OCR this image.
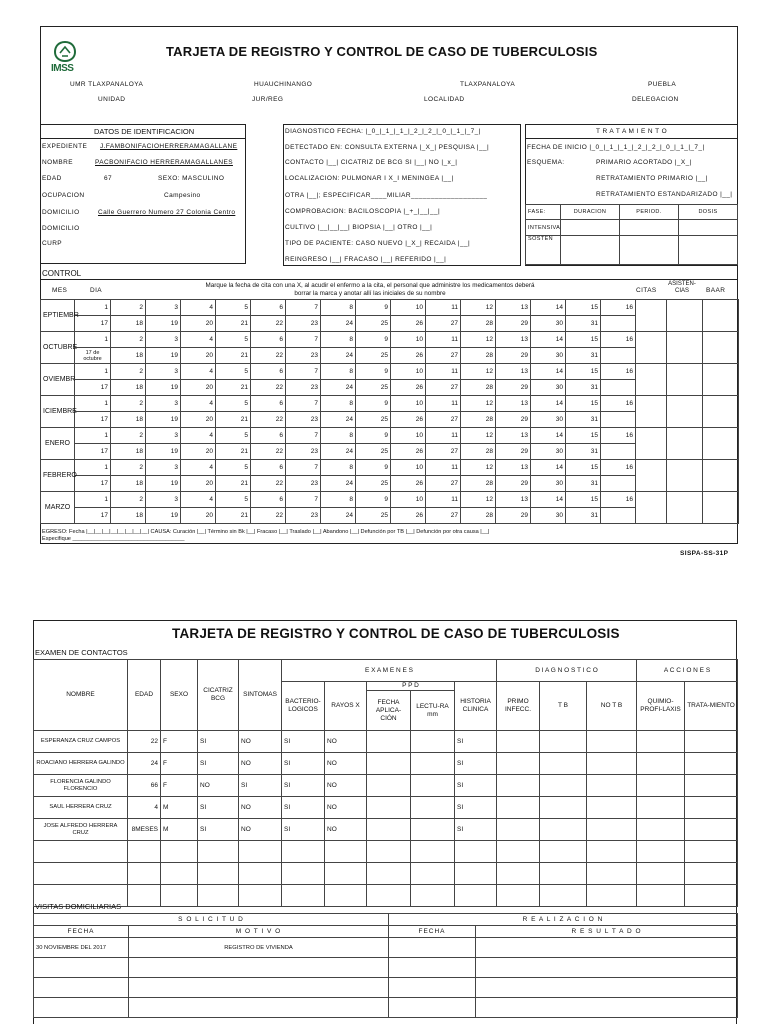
IMSS
TARJETA DE REGISTRO Y CONTROL DE CASO DE TUBERCULOSIS
UMR TLAXPANALOYA	HUAUCHINANGO	TLAXPANALOYA	PUEBLA
UNIDAD	JUR/REG	LOCALIDAD	DELEGACION
DATOS DE IDENTIFICACION
EXPEDIENTE J.FAMBONIFACIOHERRERAMAGALLANE
NOMBRE	PACBONIFACIO HERRERAMAGALLANES
EDAD	67	SEXO: MASCULINO
OCUPACION	Campesino
DOMICILIO	Calle Guerrero Numero 27 Colonia Centro
DOMICILIO
CURP
DIAGNOSTICO FECHA: |_0_|_1_|_1_|_2_|_2_|_0_|_1_|_7_|
DETECTADO EN: CONSULTA EXTERNA |_X_| PESQUISA |__|
CONTACTO |__| CICATRIZ DE BCG SI |__| NO |_x_|
LOCALIZACION: PULMONAR I X_I MENINGEA |__|
OTRA |__|; ESPECIFICAR____MILIAR___________________
COMPROBACION: BACILOSCOPIA |_+_|__|__|
CULTIVO |__|__|__| BIOPSIA |__| OTRO |__|
TIPO DE PACIENTE: CASO NUEVO |_X_| RECAIDA |__|
REINGRESO |__| FRACASO |__| REFERIDO |__|
T R A T A M I E N T O
FECHA DE INICIO |_0_|_1_|_1_|_2_|_2_|_0_|_1_|_7_|
ESQUEMA:	PRIMARIO ACORTADO |_X_|
RETRATAMIENTO PRIMARIO |__|
RETRATAMIENTO ESTANDARIZADO |__|
FASE:	DURACION	PERIOD.	DOSIS
INTENSIVA			
SOSTEN			
CONTROL
MES	DIA
Marque la fecha de cita con una X, al acudir el enfermo a la cita, el personal que administre los medicamentos deberá borrar la marca y anotar allí las iniciales de su nombre	CITAS
ASISTEN-
CIAS	BAAR
EPTIEMBR	1	2	3	4	5	6	7	8	9	10	11	12	13	14	15	16			
	17	18	19	20	21	22	23	24	25	26	27	28	29	30	31				
OCTUBRE	1	2	3	4	5	6	7	8	9	10	11	12	13	14	15	16			
	17 de octubre	18	19	20	21	22	23	24	25	26	27	28	29	30	31				
OVIEMBR	1	2	3	4	5	6	7	8	9	10	11	12	13	14	15	16			
	17	18	19	20	21	22	23	24	25	26	27	28	29	30	31				
ICIEMBRE	1	2	3	4	5	6	7	8	9	10	11	12	13	14	15	16			
	17	18	19	20	21	22	23	24	25	26	27	28	29	30	31				
ENERO	1	2	3	4	5	6	7	8	9	10	11	12	13	14	15	16			
	17	18	19	20	21	22	23	24	25	26	27	28	29	30	31				
FEBRERO	1	2	3	4	5	6	7	8	9	10	11	12	13	14	15	16			
	17	18	19	20	21	22	23	24	25	26	27	28	29	30	31				
MARZO	1	2	3	4	5	6	7	8	9	10	11	12	13	14	15	16			
	17	18	19	20	21	22	23	24	25	26	27	28	29	30	31				
EGRESO: Fecha |__|__|__|__|__|__|__|__| CAUSA: Curación |__| Término sin Bk |__| Fracaso |__| Traslado |__| Abandono |__| Defunción por TB |__| Defunción por otra causa |__|
Especifique ____________________________________
SISPA-SS-31P
TARJETA DE REGISTRO Y CONTROL DE CASO DE TUBERCULOSIS
EXAMEN DE CONTACTOS
NOMBRE	EDAD	SEXO	CICATRIZ BCG	SINTOMAS	E X A M E N E S					D I A G N O S T I C O			A C C I O N E S	
					BACTERIO-LOGICOS	RAYOS X	P P D		HISTORIA CLINICA	PRIMO INFECC.	T B	NO T B	QUIMIO-PROFI-LAXIS	TRATA-MIENTO
							FECHA APLICA-CIÓN	LECTU-RA mm						
ESPERANZA CRUZ CAMPOS	22	F	SI	NO	SI	NO			SI					
ROACIANO HERRERA GALINDO	24	F	SI	NO	SI	NO			SI					
FLORENCIA GALINDO FLORENCIO	66	F	NO	SI	SI	NO			SI					
SAUL HERRERA CRUZ	4	M	SI	NO	SI	NO			SI					
JOSE ALFREDO HERRERA CRUZ	8MESES	M	SI	NO	SI	NO			SI					

VISITAS DOMICILIARIAS
S O L I C I T U D		R E A L I Z A C I O N	
FECHA	M O T I V O	FECHA	R E S U L T A D O
30 NOVIEMBRE DEL 2017	REGISTRO DE VIVIENDA		
